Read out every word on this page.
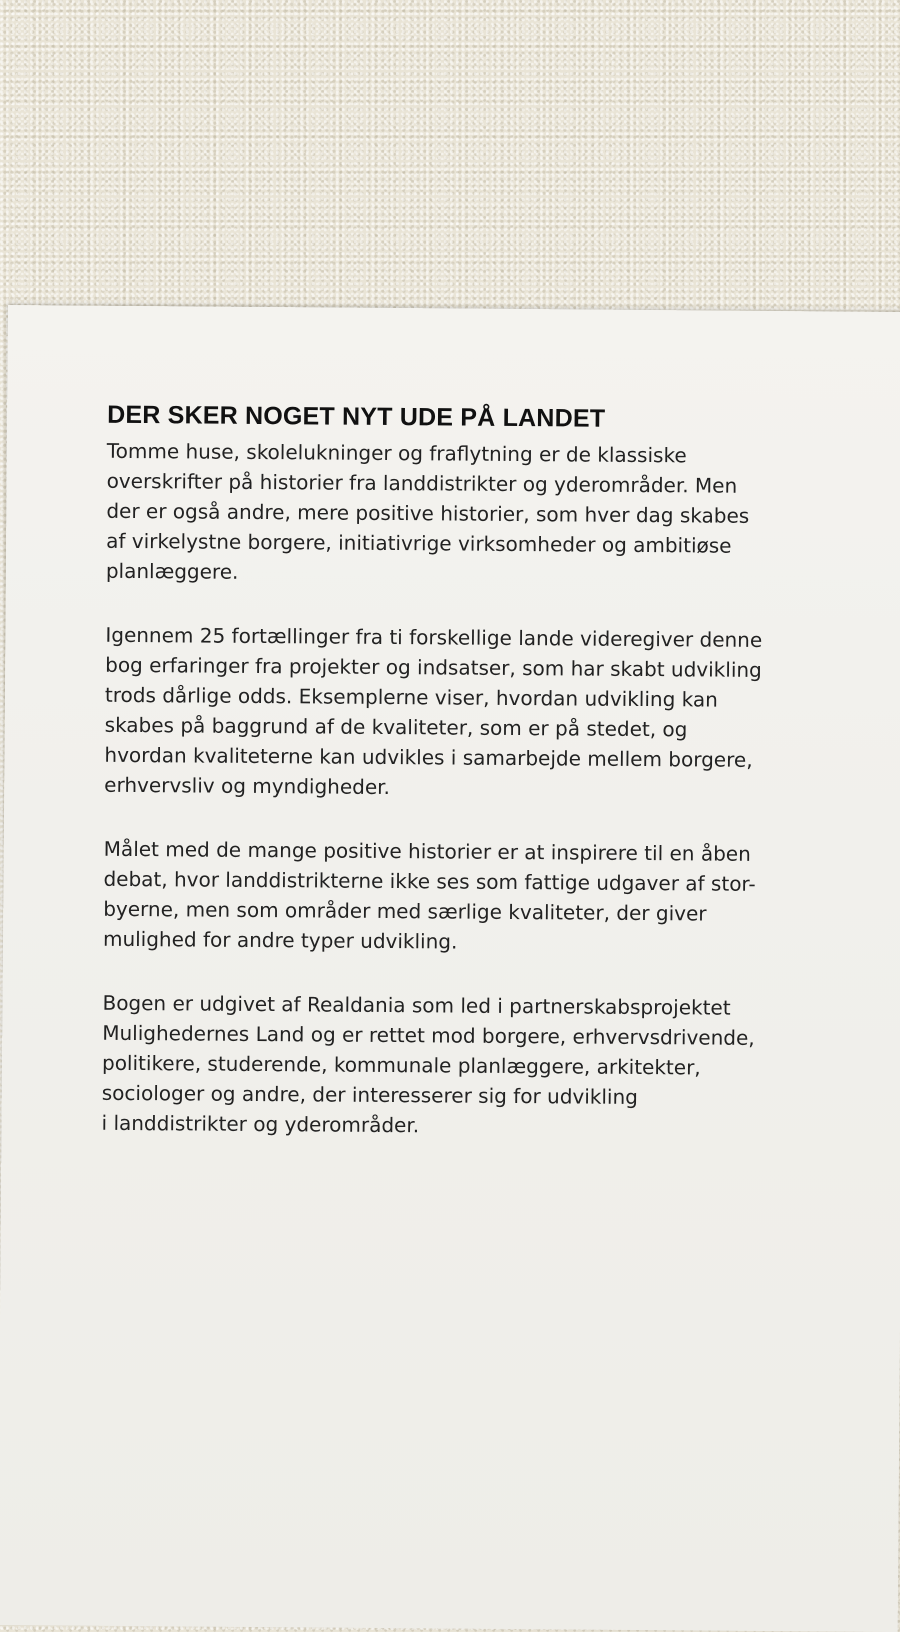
DER SKER NOGET NYT UDE PÅ LANDET

Tomme huse, skolelukninger og fraflytning er de klassiske
overskrifter på historier fra landdistrikter og yderområder. Men
der er også andre, mere positive historier, som hver dag skabes
af virkelystne borgere, initiativrige virksomheder og ambitiøse
planlæggere.

Igennem 25 fortællinger fra ti forskellige lande videregiver denne
bog erfaringer fra projekter og indsatser, som har skabt udvikling
trods dårlige odds. Eksemplerne viser, hvordan udvikling kan
skabes på baggrund af de kvaliteter, som er på stedet, og
hvordan kvaliteterne kan udvikles i samarbejde mellem borgere,
erhvervsliv og myndigheder.

Målet med de mange positive historier er at inspirere til en åben
debat, hvor landdistrikterne ikke ses som fattige udgaver af stor-
byerne, men som områder med særlige kvaliteter, der giver
mulighed for andre typer udvikling.

Bogen er udgivet af Realdania som led i partnerskabsprojektet
Mulighedernes Land og er rettet mod borgere, erhvervsdrivende,
politikere, studerende, kommunale planlæggere, arkitekter,
sociologer og andre, der interesserer sig for udvikling
i landdistrikter og yderområder.
